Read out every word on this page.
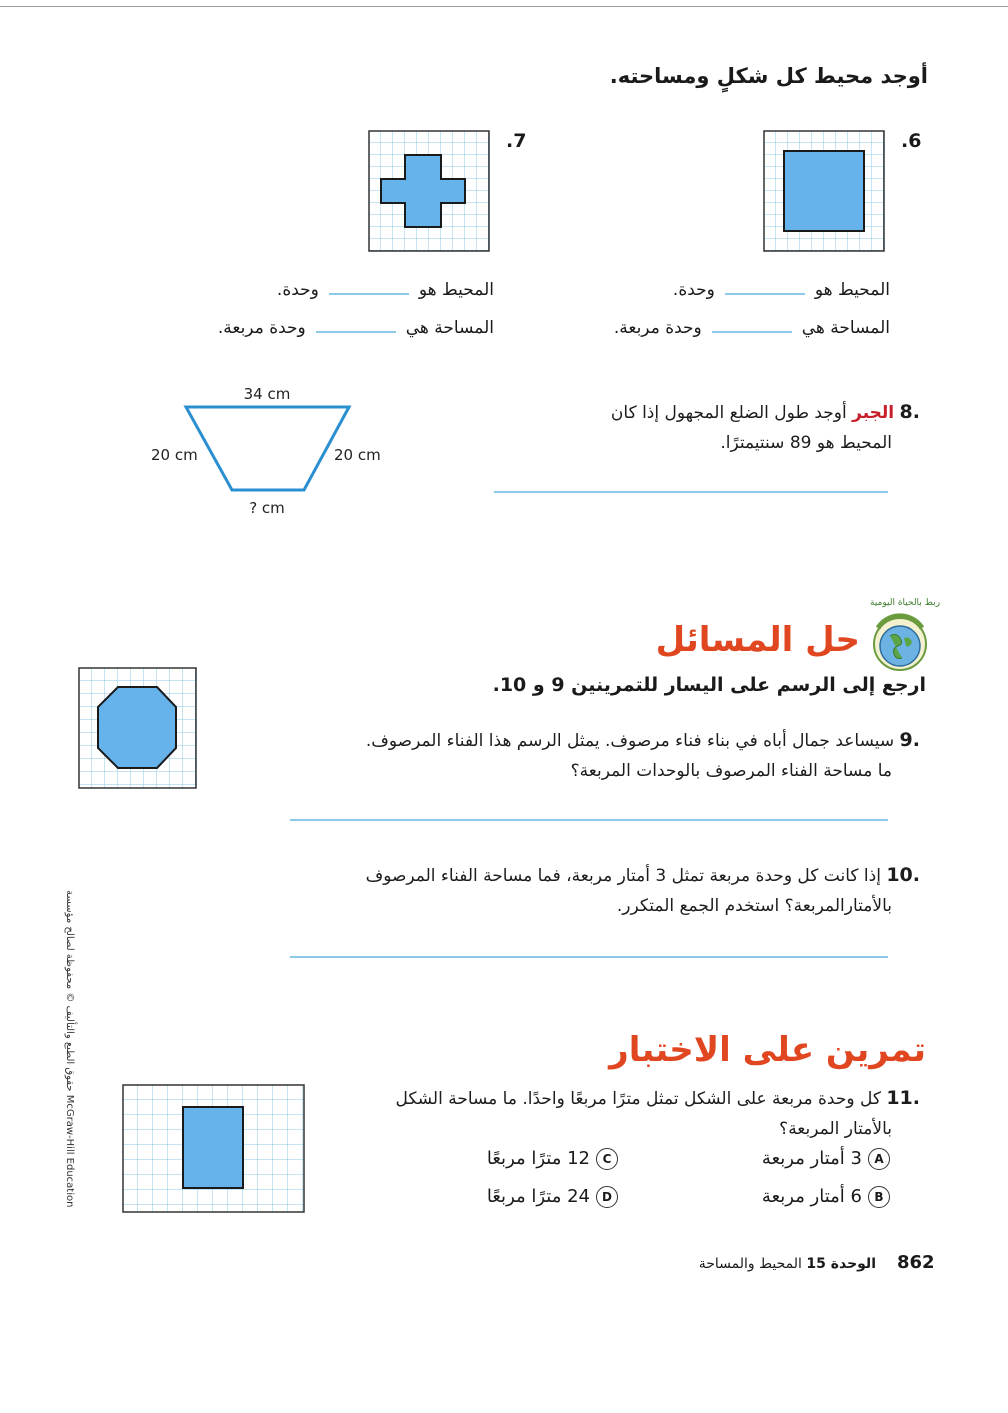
أوجد محيط كل شكلٍ ومساحته.
.7	.6
المحيط هووحدة.
المساحة هيوحدة مربعة.
المحيط هووحدة.
المساحة هيوحدة مربعة.
34 cm
20 cm	20 cm
? cm
.8 الجبر أوجد طول الضلع المجهول إذا كان
المحيط هو 89 سنتيمترًا.
ربط بالحياة اليومية
حل المسائل
ارجع إلى الرسم على اليسار للتمرينين 9 و 10.
.9 سيساعد جمال أباه في بناء فناء مرصوف. يمثل الرسم هذا الفناء المرصوف.
ما مساحة الفناء المرصوف بالوحدات المربعة؟
.10 إذا كانت كل وحدة مربعة تمثل 3 أمتار مربعة، فما مساحة الفناء المرصوف
بالأمتارالمربعة؟ استخدم الجمع المتكرر.
حقوق الطبع والتأليف © محفوظة لصالح مؤسسة McGraw-Hill Education
تمرين على الاختبار
.11 كل وحدة مربعة على الشكل تمثل مترًا مربعًا واحدًا. ما مساحة الشكل
بالأمتار المربعة؟
A3 أمتار مربعة
B6 أمتار مربعة
C12 مترًا مربعًا
D24 مترًا مربعًا
862
الوحدة 15 المحيط والمساحة
